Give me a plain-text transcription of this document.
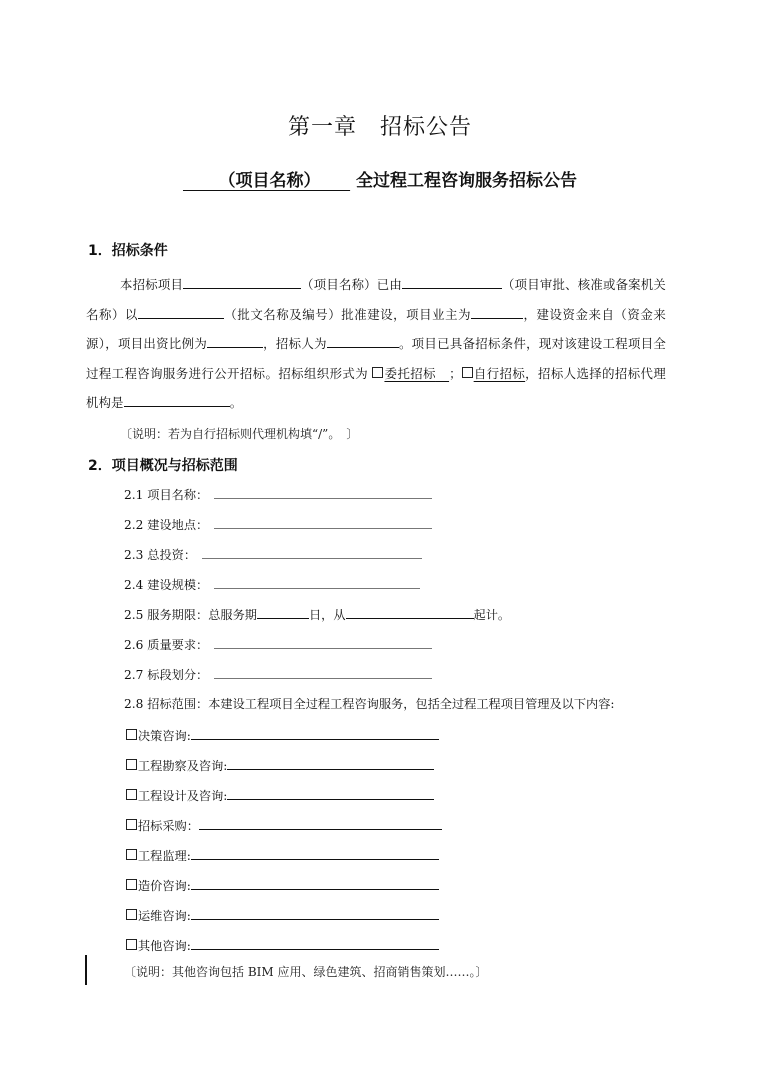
第一章　招标公告
（项目名称） 全过程工程咨询服务招标公告
1．招标条件
本招标项目	（项目名称）已由	（项目审批、核准或备案机关名称）以	（批文名称及编号）批准建设，项目业主为	，建设资金来自（资金来源），项目出资比例为	，招标人为	。项目已具备招标条件，现对该建设工程项目全过程工程咨询服务进行公开招标。招标组织形式为 委托招标 ； 自行招标，招标人选择的招标代理机构是	。
〔说明：若为自行招标则代理机构填“/”。　〕
2．项目概况与招标范围
2.1 项目名称：
2.2 建设地点：
2.3 总投资：
2.4 建设规模：
2.5 服务期限：总服务期	日，从	起计。
2.6 质量要求：
2.7 标段划分：
2.8 招标范围：本建设工程项目全过程工程咨询服务，包括全过程工程项目管理及以下内容:
决策咨询:
工程勘察及咨询:
工程设计及咨询:
招标采购：
工程监理:
造价咨询:
运维咨询:
其他咨询:
〔说明：其他咨询包括 BIM 应用、绿色建筑、招商销售策划……。〕
